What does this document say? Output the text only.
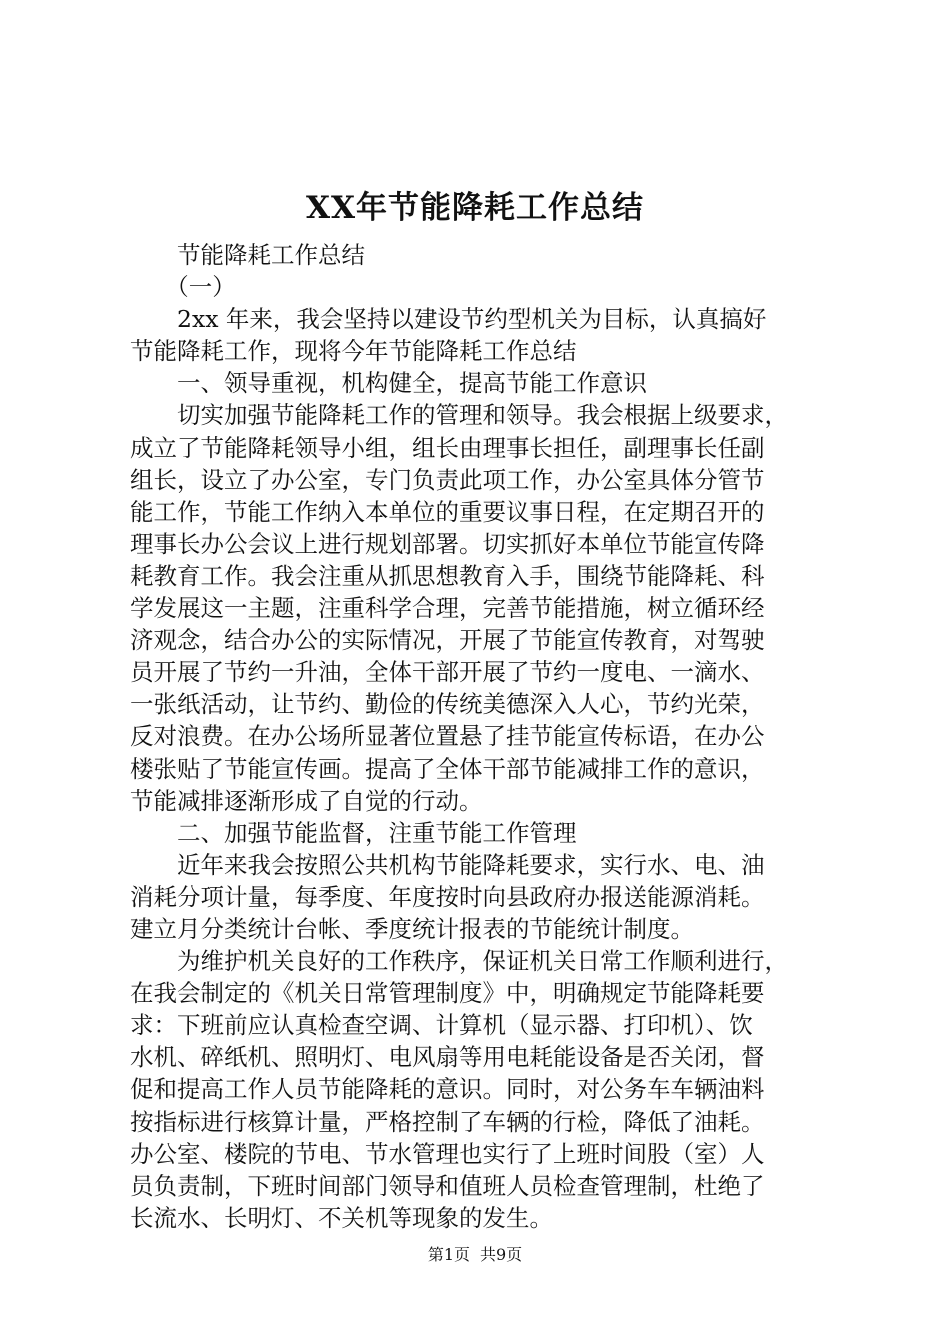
XX年节能降耗工作总结
　　节能降耗工作总结
　　（一）
　　2xx 年来，我会坚持以建设节约型机关为目标，认真搞好
节能降耗工作，现将今年节能降耗工作总结
　　一、领导重视，机构健全，提高节能工作意识
　　切实加强节能降耗工作的管理和领导。我会根据上级要求，
成立了节能降耗领导小组，组长由理事长担任，副理事长任副
组长，设立了办公室，专门负责此项工作，办公室具体分管节
能工作，节能工作纳入本单位的重要议事日程，在定期召开的
理事长办公会议上进行规划部署。切实抓好本单位节能宣传降
耗教育工作。我会注重从抓思想教育入手，围绕节能降耗、科
学发展这一主题，注重科学合理，完善节能措施，树立循环经
济观念，结合办公的实际情况，开展了节能宣传教育，对驾驶
员开展了节约一升油，全体干部开展了节约一度电、一滴水、
一张纸活动，让节约、勤俭的传统美德深入人心，节约光荣，
反对浪费。在办公场所显著位置悬了挂节能宣传标语，在办公
楼张贴了节能宣传画。提高了全体干部节能减排工作的意识，
节能减排逐渐形成了自觉的行动。
　　二、加强节能监督，注重节能工作管理
　　近年来我会按照公共机构节能降耗要求，实行水、电、油
消耗分项计量，每季度、年度按时向县政府办报送能源消耗。
建立月分类统计台帐、季度统计报表的节能统计制度。
　　为维护机关良好的工作秩序，保证机关日常工作顺利进行，
在我会制定的《机关日常管理制度》中，明确规定节能降耗要
求：下班前应认真检查空调、计算机（显示器、打印机）、饮
水机、碎纸机、照明灯、电风扇等用电耗能设备是否关闭，督
促和提高工作人员节能降耗的意识。同时，对公务车车辆油料
按指标进行核算计量，严格控制了车辆的行检，降低了油耗。
办公室、楼院的节电、节水管理也实行了上班时间股（室）人
员负责制，下班时间部门领导和值班人员检查管理制，杜绝了
长流水、长明灯、不关机等现象的发生。
第1页 共9页
